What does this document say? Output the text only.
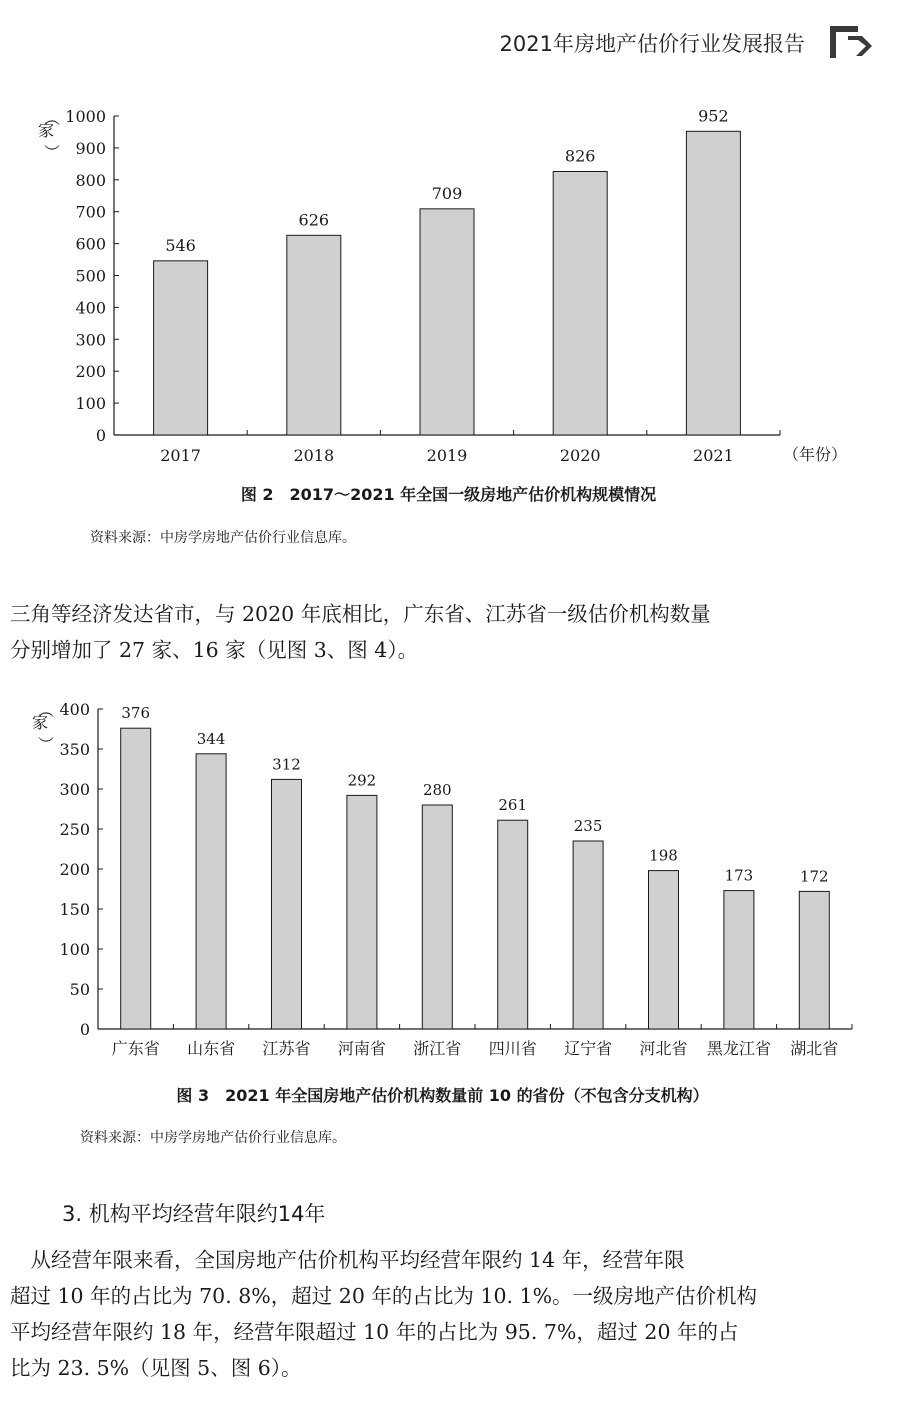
2021年房地产估价行业发展报告
（
家
）
0
100
200
300
400
500
600
700
800
900
1000
2017	2018	2019	2020	2021
546
626
709
826
952
（年份）
图 2　2017～2021 年全国一级房地产估价机构规模情况
资料来源：中房学房地产估价行业信息库。

三角等经济发达省市，与 2020 年底相比，广东省、江苏省一级估价机构数量

分别增加了 27 家、16 家（见图 3、图 4）。

（
家
）
0
50
100
150
200
250
300
350
400
广东省 山东省 江苏省 河南省 浙江省 四川省 辽宁省 河北省 黑龙江省 湖北省
376
344
312
292
280
261
235
198
173	172
图 3　2021 年全国房地产估价机构数量前 10 的省份（不包含分支机构）
资料来源：中房学房地产估价行业信息库。
3. 机构平均经营年限约14年

　从经营年限来看，全国房地产估价机构平均经营年限约 14 年，经营年限

超过 10 年的占比为 70. 8%，超过 20 年的占比为 10. 1%。一级房地产估价机构

平均经营年限约 18 年，经营年限超过 10 年的占比为 95. 7%，超过 20 年的占

比为 23. 5%（见图 5、图 6）。
